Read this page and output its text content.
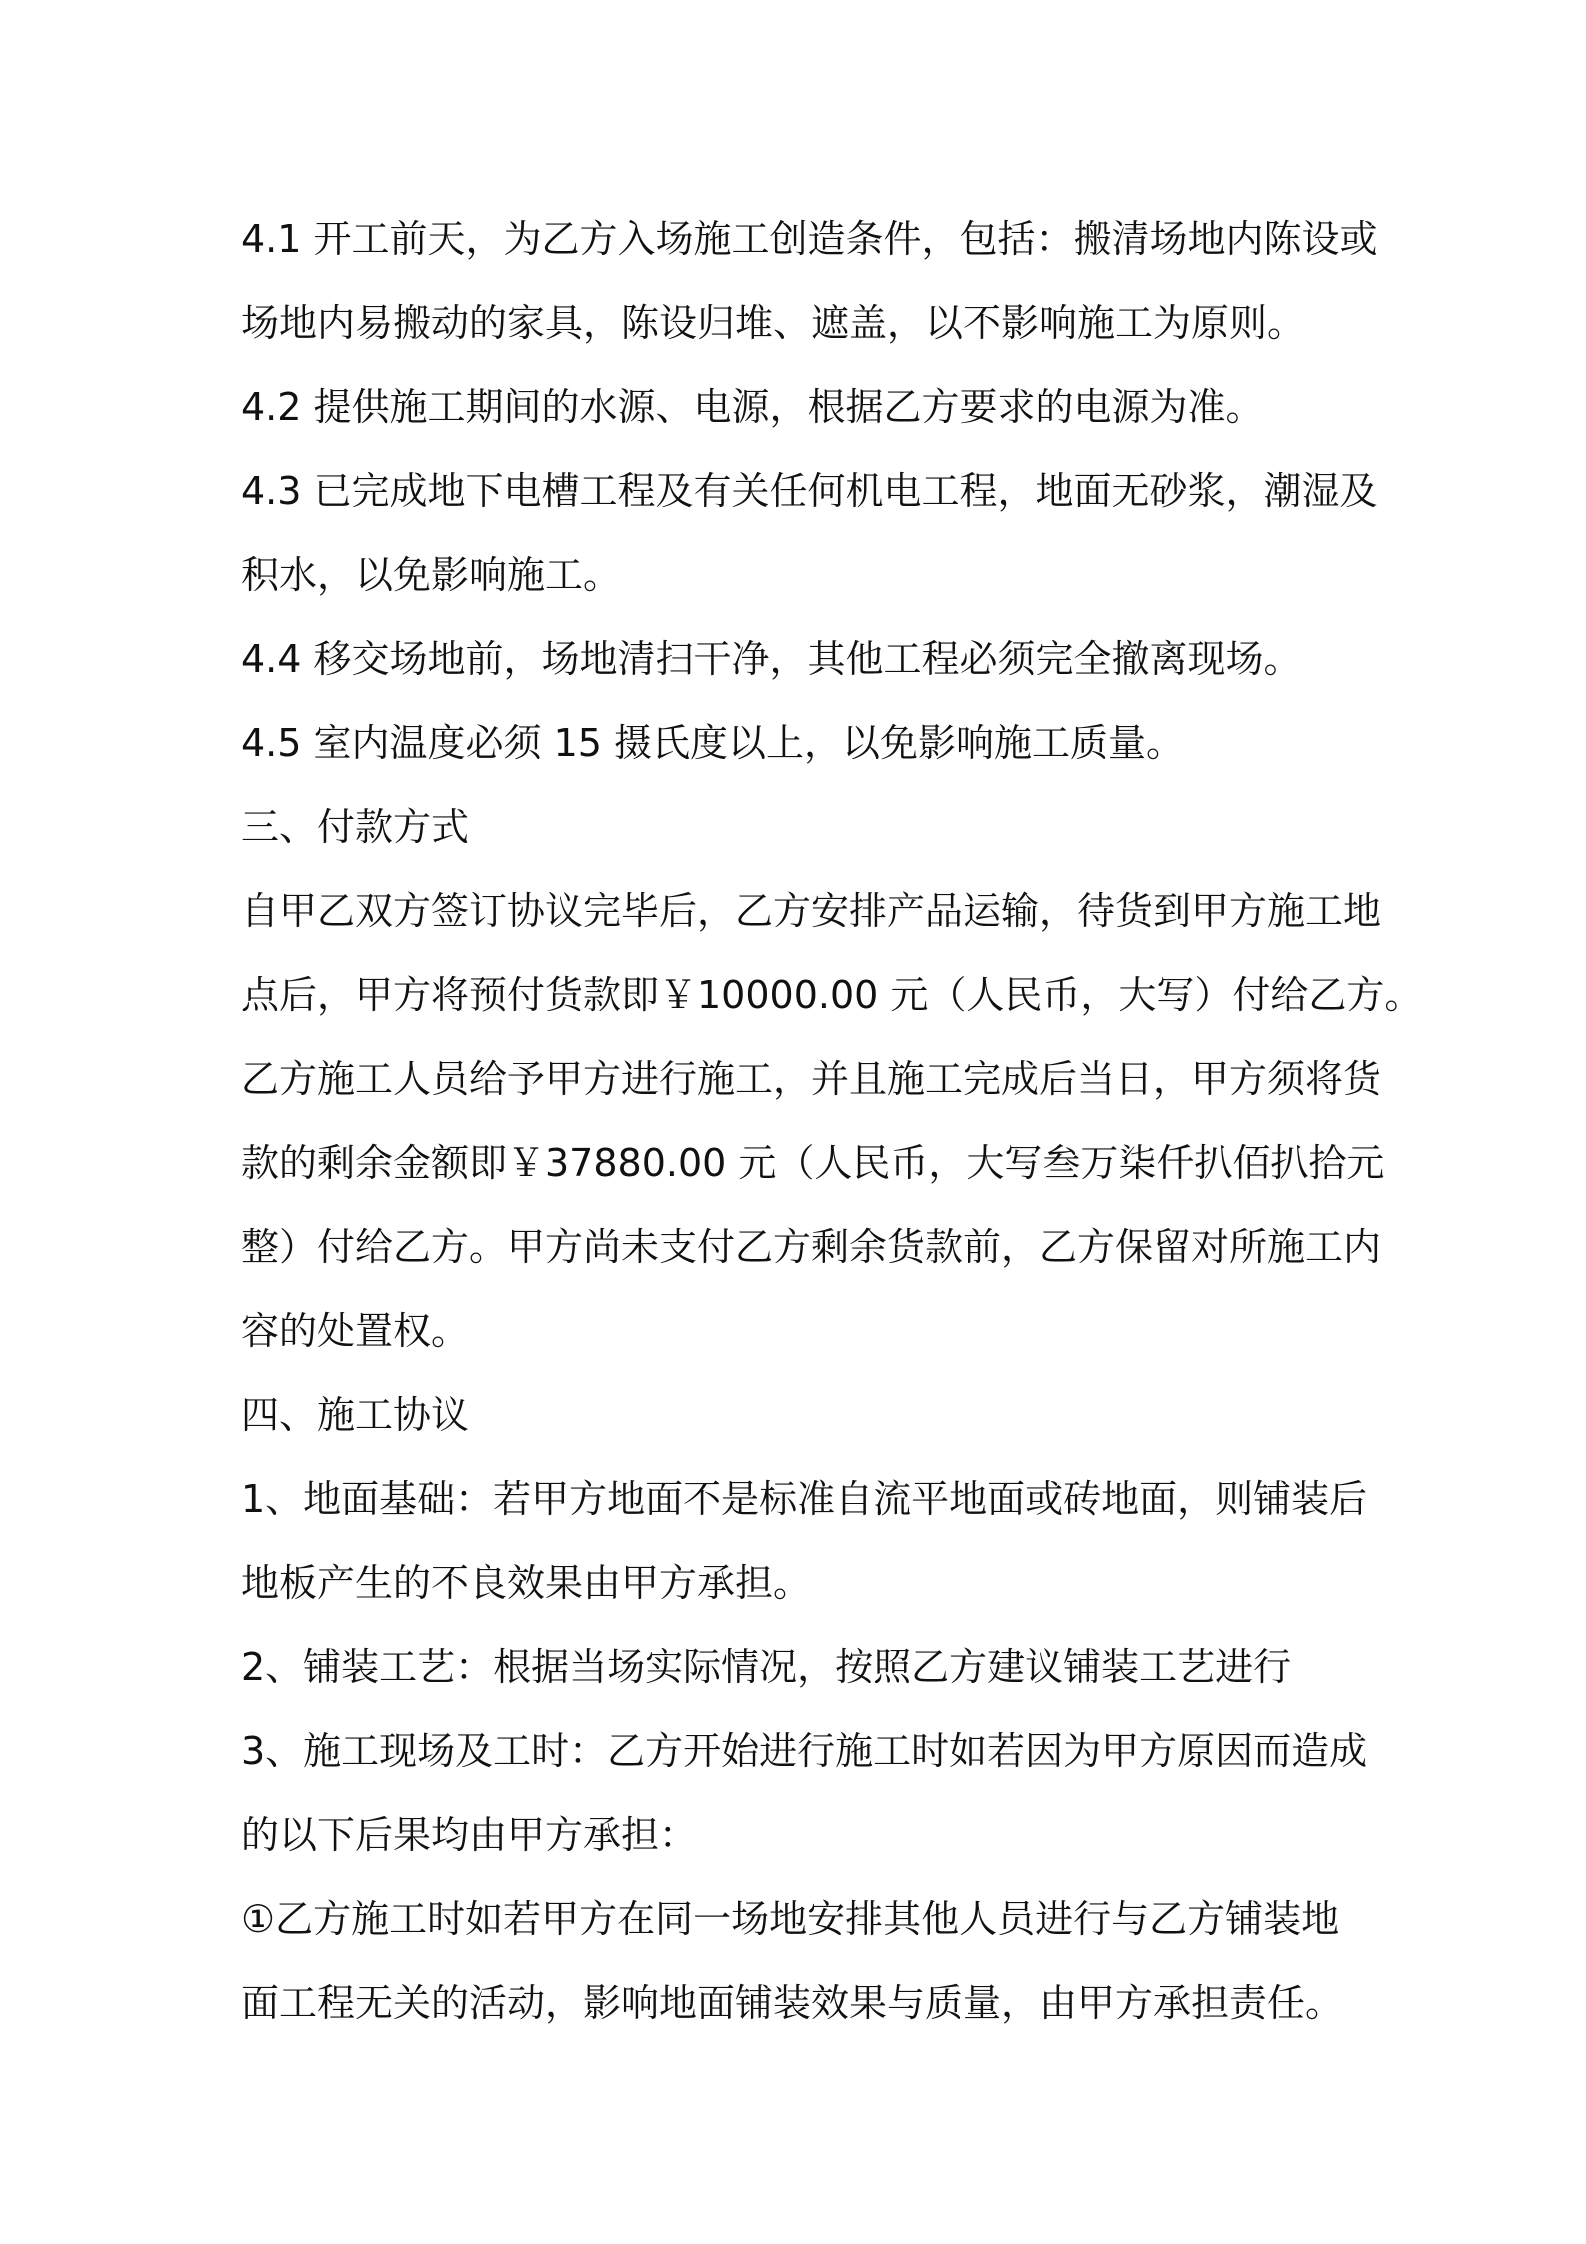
4.1 开工前天，为乙方入场施工创造条件，包括：搬清场地内陈设或
场地内易搬动的家具，陈设归堆、遮盖，以不影响施工为原则。
4.2 提供施工期间的水源、电源，根据乙方要求的电源为准。
4.3 已完成地下电槽工程及有关任何机电工程，地面无砂浆，潮湿及
积水，以免影响施工。
4.4 移交场地前，场地清扫干净，其他工程必须完全撤离现场。
4.5 室内温度必须 15 摄氏度以上，以免影响施工质量。
三、付款方式
自甲乙双方签订协议完毕后，乙方安排产品运输，待货到甲方施工地
点后，甲方将预付货款即￥10000.00 元（人民币，大写）付给乙方。
乙方施工人员给予甲方进行施工，并且施工完成后当日，甲方须将货
款的剩余金额即￥37880.00 元（人民币，大写叁万柒仟扒佰扒拾元
整）付给乙方。甲方尚未支付乙方剩余货款前，乙方保留对所施工内
容的处置权。
四、施工协议
1、地面基础：若甲方地面不是标准自流平地面或砖地面，则铺装后
地板产生的不良效果由甲方承担。
2、铺装工艺：根据当场实际情况，按照乙方建议铺装工艺进行
3、施工现场及工时：乙方开始进行施工时如若因为甲方原因而造成
的以下后果均由甲方承担：
①乙方施工时如若甲方在同一场地安排其他人员进行与乙方铺装地
面工程无关的活动，影响地面铺装效果与质量，由甲方承担责任。
